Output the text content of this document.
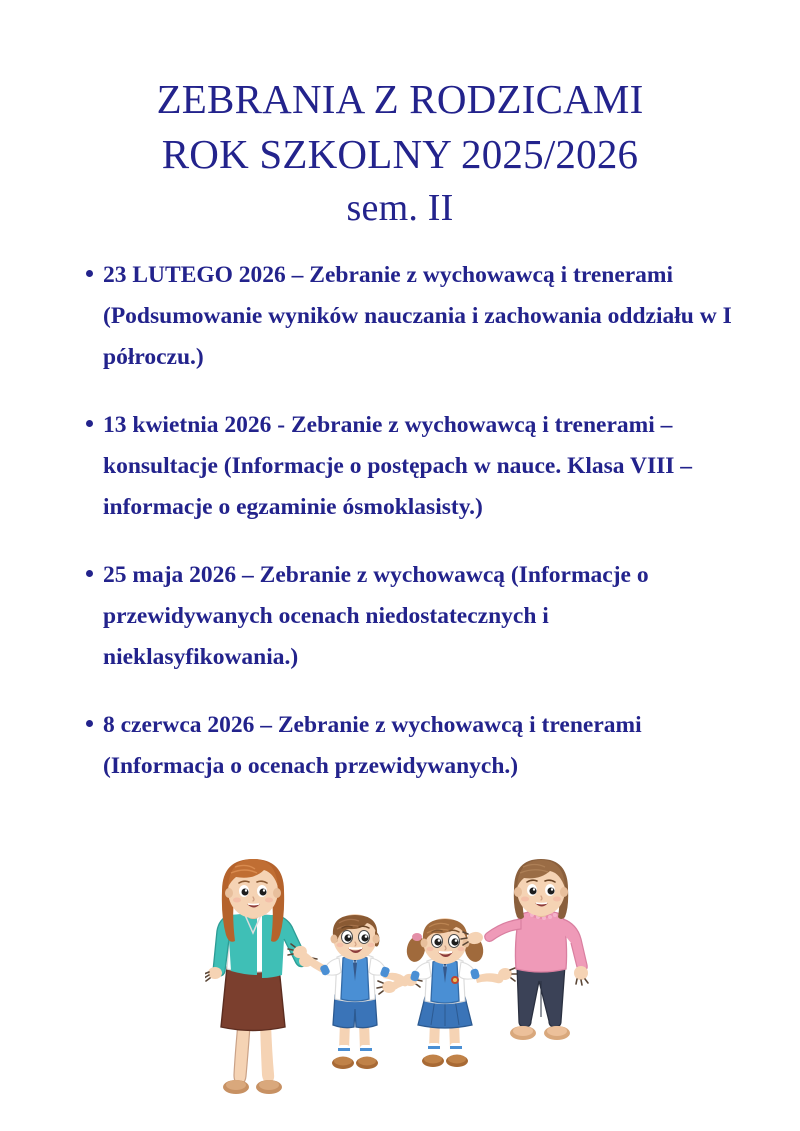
ZEBRANIA Z RODZICAMI
ROK SZKOLNY 2025/2026
sem. II
23 LUTEGO 2026 – Zebranie z wychowawcą i trenerami (Podsumowanie wyników nauczania i zachowania oddziału w I półroczu.)
13 kwietnia 2026 - Zebranie z wychowawcą i trenerami – konsultacje (Informacje o postępach w nauce. Klasa VIII – informacje o egzaminie ósmoklasisty.)
25 maja 2026 – Zebranie z wychowawcą (Informacje o przewidywanych ocenach niedostatecznych i nieklasyfikowania.)
8 czerwca 2026 – Zebranie z wychowawcą i trenerami (Informacja o ocenach przewidywanych.)
